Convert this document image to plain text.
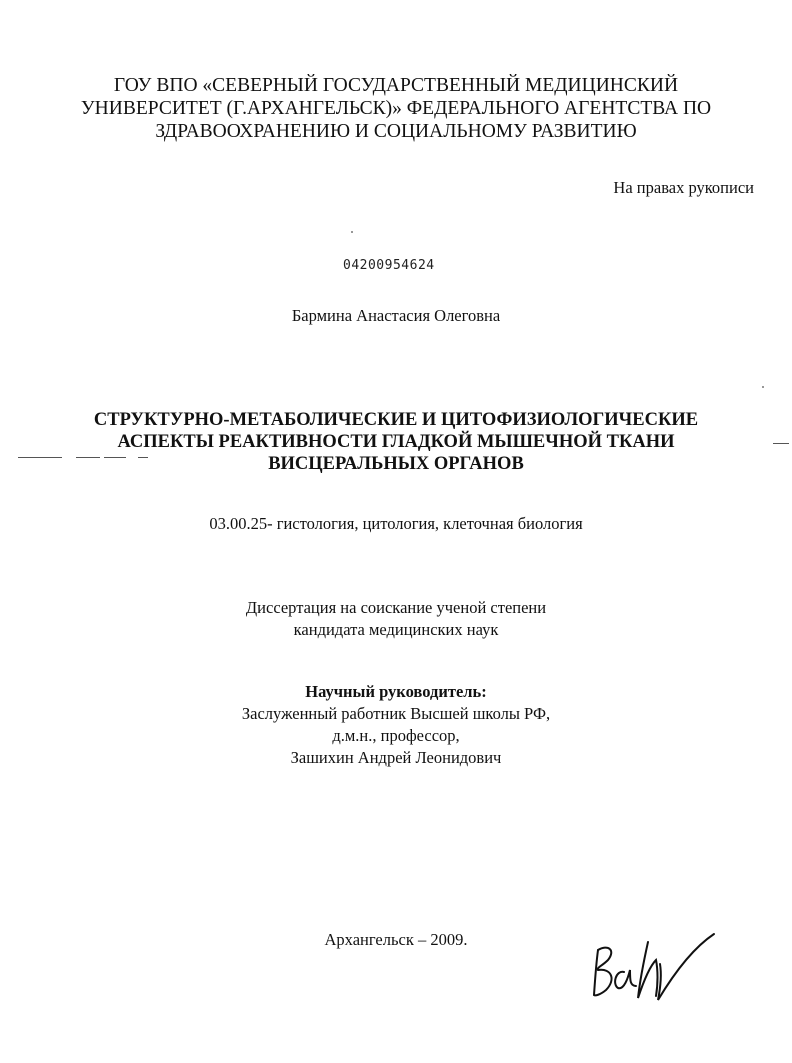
ГОУ ВПО «СЕВЕРНЫЙ ГОСУДАРСТВЕННЫЙ МЕДИЦИНСКИЙ
УНИВЕРСИТЕТ (Г.АРХАНГЕЛЬСК)» ФЕДЕРАЛЬНОГО АГЕНТСТВА ПО
ЗДРАВООХРАНЕНИЮ И СОЦИАЛЬНОМУ РАЗВИТИЮ
На правах рукописи
04200954624
Бармина Анастасия Олеговна
СТРУКТУРНО-МЕТАБОЛИЧЕСКИЕ И ЦИТОФИЗИОЛОГИЧЕСКИЕ
АСПЕКТЫ РЕАКТИВНОСТИ ГЛАДКОЙ МЫШЕЧНОЙ ТКАНИ
ВИСЦЕРАЛЬНЫХ ОРГАНОВ
03.00.25- гистология, цитология, клеточная биология
Диссертация на соискание ученой степени
кандидата медицинских наук
Научный руководитель:
Заслуженный работник Высшей школы РФ,
д.м.н., профессор,
Зашихин Андрей Леонидович
Архангельск – 2009.
